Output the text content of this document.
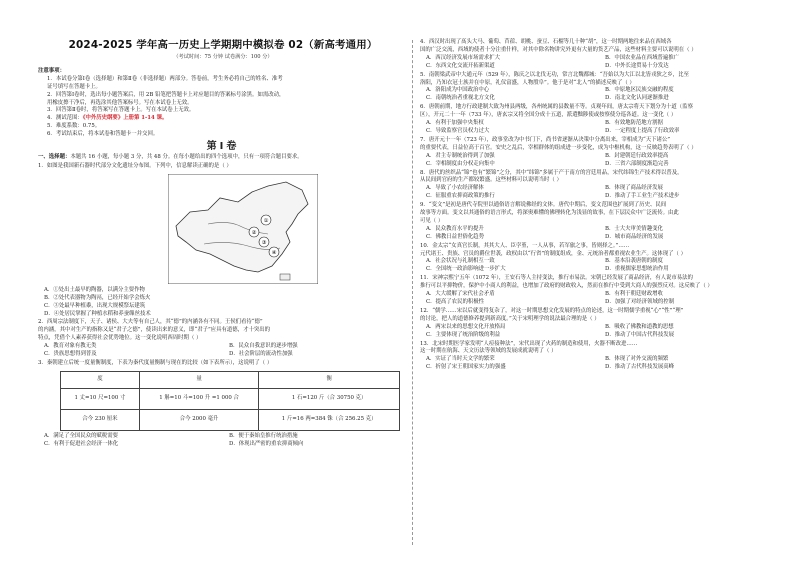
2024-2025 学年高一历史上学期期中模拟卷 02（新高考通用）
（考试时间：75 分钟 试卷满分：100 分）
注意事项：
1．本试卷分第Ⅰ卷（选择题）和第Ⅱ卷（非选择题）两部分。答卷前，考生务必将自己的姓名、准考
证号填写在答题卡上。
2．回答第Ⅰ卷时，选出每小题答案后，用 2B 铅笔把答题卡上对应题目的答案标号涂黑。如需改动，
用橡皮擦干净后，再选涂其他答案标号。写在本试卷上无效。
3．回答第Ⅱ卷时，将答案写在答题卡上。写在本试卷上无效。
4．测试范围：《中外历史纲要》上册第 1-14 课。
5．难度系数：0.75。
6．考试结束后，将本试卷和答题卡一并交回。
第Ⅰ卷
一、选择题：本题共 16 小题，每小题 3 分，共 48 分。在每小题给出的四个选项中，只有一项符合题目要求。
1．如图是我国新石器时代部分文化遗址分布图。下列中，信息解读正确的是（ ）
①
②
③
④
A．①处出土最早的陶器，以满分主要作物
B．②处代表器物为陶鬲，已经开始学会炼火
C．③处最早种植黍，出现大规模祭坛建筑
D．④处居民掌握了种植水稻和养蚕缫丝技术
2．西周宗法制度下，天子、诸侯、大夫等有自己人，其“德”的内涵各有不同。王侯们看待“德”
的内涵，其中对生产的指称又是“君子之德”，使读出来的意义，即“君子”应具有道德，才十突出的
特点，凭借个人素养获得社会优势地位。这一变化说明西周时期（ ）
A．教育对象有教无类	B．民众自我意识的逐步增强
C．贵族思想得到普及	D．社会阶层的流动性加强
3．秦朝建立后统一度量衡制度，下表为秦代度量衡制与现在的比较（如下表所示），这说明了（ ）
度	量	衡
1 丈=10 尺=100 寸	1 斛=10 斗=100 升 =1 000 合	1 石=120 斤（合 30750 克）
合今 230 厘米	合今 2000 毫升	1 斤=16 两=384 铢（合 256.25 克）
A．满足了全国民众的赋税需要	B．便于秦始皇推行统治措施
C．有利于促进社会经济一体化	D．体现出严密的重农抑商倾向
4．西汉时出现了髙头大马、葡萄、苜蓿、胡桃、蚕豆、石榴等几十种“胡”，这一时期两地往来品在西域各
国的广泛交流，西域的使者十分注重什样，对其中除名物讲究外更有大量的货艺产品，这些材料主要可以说明在（ ）
A．西汉经济发展市场需求扩大	B．中国农业品在西域普遍推广
C．东西文化交流开拓新渠道	D．中外长途贸易十分发达
5．南朝梁武帝中大通元年（529 年），陈庆之以北伐无功，常言北魏都城：“吾始以为大江以北皆戎狄之乡，比至
洛阳，乃知衣冠士族并在中原，礼仪富盛，人物殷阜”。他于是对“北人”的描述反映了（ ）
A．洛阳成为中国政治中心	B．中原地区民族交融的程度
C．南朝统治者重视北方文化	D．南北文化认同逐渐推进
6．唐朝前期，地方行政建制大致为州县两级，各州统属的县数量不等。贞观年间，唐太宗将天下划分为十道（监察
区），开元二十一年（733 年），唐玄宗又将全国分成十五道，派遣黜陟使或按察使分巡各道。这一变化（ ）
A．有利于加强中央集权	B．有效地防范地方割据
C．导致监察官员权力过大	D．一定程度上提高了行政效率
7．唐开元十一年（723 年），政事堂改为中书门下，尚书省逐渐从决策中分离出来，宰相成为“天下诸公”
的重要代表，日益位高于百官。安史之乱后，宰相群体的组成进一步变化，成为中枢机构，这一反映趋势表明了（ ）
A．君主专制统治得到了加强	B．封建朝廷行政效率提高
C．宰相制度由分权走向集中	D．三省六部制度渐趋完善
8．唐代的丝织品“锦”也有“繁锦”之分，其中“纬锦”多属于产于南方的宫廷用品，宋代纬锦生产技术得以普及，
从民间到官府的生产都较繁盛。这些材料可以说明当时（ ）
A．导致了小农经济解体	B．体现了商品经济发展
C．征服重农抑商政策的推行	D．推动了手工业生产技术进步
9．“变文”是初是唐代寺院里以通俗语言解说佛经的文体。唐代中期后，变文范围也扩展到了历史、民间
故事等方面。变文以其通俗的语言形式，将深奥难懂的佛理转化为浅显的故事，在下层民众中广泛流传。由此
可见（ ）
A．民众教育水平的提升	B．士大夫审美情趣变化
C．佛教日益世俗化趋势	D．城市商品经济的发展
10．金太宗“女真官长制，其其大人、臣孛堇，一人从事，若军旅之事，皆则择之。”……
元代诸王、贵族、官员的爵位世袭，政权由以“行省”的制度组成，金、元统治者都重视农业生产。这体现了（ ）
A．社会状况与礼制相互一致	B．基本沿袭唐朝的制度
C．全国统一政治影响进一步扩大	D．重视儒家思想统治作用
11．宋神宗熙宁五年（1072 年），王安石等人主持变法，推行市易法。宋朝已经发展了商品经济，有人说市易法的
推行可以平抑物价，保护中小商人的利益，也增加了政府的财政收入，然而在推行中受到大商人的强烈反对。这反映了（ ）
A．大大缓解了宋代社会矛盾	B．有利于朝廷财政增收
C．提高了农民的积极性	D．加强了对经济领域的控制
12．“儒学……宋以后就变得复杂了，对这一时期思想文化发展的特点的论述，这一时期儒学重视“心”“性”“理”
的讨论，把人的道德修养提到新高度。”关于宋明理学的说法最合理的是（ ）
A．两宋以来的思想文化开放格局	B．吸收了佛教和道教的思想
C．主要体现了统治阶级的利益	D．推动了中国古代科技发展
13．北宋时期医学家发明“人痘接种法”，宋代出现了火药的制造和使用，火器不断改进……
这一时期在航海、天文历法等领域的发展成就说明了（ ）
A．实证了当时天文学的繁荣	B．体现了对外交流的频繁
C．折射了宋王朝国家实力的强盛	D．推动了古代科技发展高峰
